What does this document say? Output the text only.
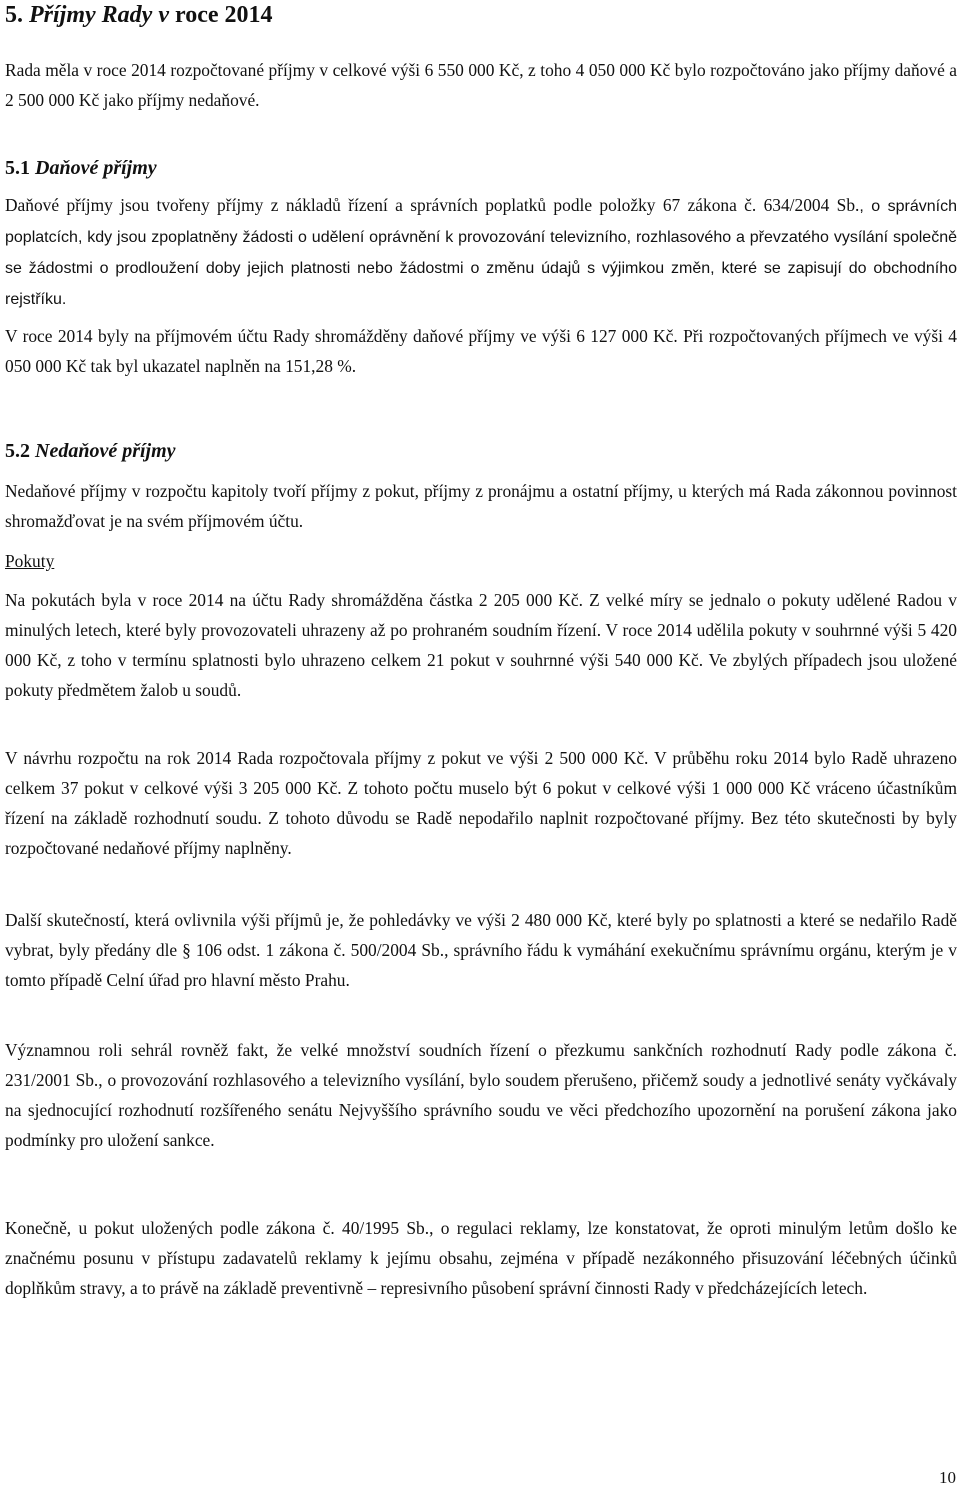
5. Příjmy Rady v roce 2014
Rada měla v roce 2014 rozpočtované příjmy v celkové výši 6 550 000 Kč, z toho 4 050 000 Kč bylo rozpočtováno jako příjmy daňové a 2 500 000 Kč jako příjmy nedaňové.
5.1 Daňové příjmy
Daňové příjmy jsou tvořeny příjmy z nákladů řízení a správních poplatků podle položky 67 zákona č. 634/2004 Sb., o správních poplatcích, kdy jsou zpoplatněny žádosti o udělení oprávnění k provozování televizního, rozhlasového a převzatého vysílání společně se žádostmi o prodloužení doby jejich platnosti nebo žádostmi o změnu údajů s výjimkou změn, které se zapisují do obchodního rejstříku.
V roce 2014 byly na příjmovém účtu Rady shromážděny daňové příjmy ve výši 6 127 000 Kč. Při rozpočtovaných příjmech ve výši 4 050 000 Kč tak byl ukazatel naplněn na 151,28 %.
5.2 Nedaňové příjmy
Nedaňové příjmy v rozpočtu kapitoly tvoří příjmy z pokut, příjmy z pronájmu a ostatní příjmy, u kterých má Rada zákonnou povinnost shromažďovat je na svém příjmovém účtu.
Pokuty
Na pokutách byla v roce 2014 na účtu Rady shromážděna částka 2 205 000 Kč. Z velké míry se jednalo o pokuty udělené Radou v minulých letech, které byly provozovateli uhrazeny až po prohraném soudním řízení. V roce 2014 udělila pokuty v souhrnné výši 5 420 000 Kč, z toho v termínu splatnosti bylo uhrazeno celkem 21 pokut v souhrnné výši 540 000 Kč. Ve zbylých případech jsou uložené pokuty předmětem žalob u soudů.
V návrhu rozpočtu na rok 2014 Rada rozpočtovala příjmy z pokut ve výši 2 500 000 Kč. V průběhu roku 2014 bylo Radě uhrazeno celkem 37 pokut v celkové výši 3 205 000 Kč. Z tohoto počtu muselo být 6 pokut v celkové výši 1 000 000 Kč vráceno účastníkům řízení na základě rozhodnutí soudu. Z tohoto důvodu se Radě nepodařilo naplnit rozpočtované příjmy. Bez této skutečnosti by byly rozpočtované nedaňové příjmy naplněny.
Další skutečností, která ovlivnila výši příjmů je, že pohledávky ve výši 2 480 000 Kč, které byly po splatnosti a které se nedařilo Radě vybrat, byly předány dle § 106 odst. 1 zákona č. 500/2004 Sb., správního řádu k vymáhání exekučnímu správnímu orgánu, kterým je v tomto případě Celní úřad pro hlavní město Prahu.
Významnou roli sehrál rovněž fakt, že velké množství soudních řízení o přezkumu sankčních rozhodnutí Rady podle zákona č. 231/2001 Sb., o provozování rozhlasového a televizního vysílání, bylo soudem přerušeno, přičemž soudy a jednotlivé senáty vyčkávaly na sjednocující rozhodnutí rozšířeného senátu Nejvyššího správního soudu ve věci předchozího upozornění na porušení zákona jako podmínky pro uložení sankce.
Konečně, u pokut uložených podle zákona č. 40/1995 Sb., o regulaci reklamy, lze konstatovat, že oproti minulým letům došlo ke značnému posunu v přístupu zadavatelů reklamy k jejímu obsahu, zejména v případě nezákonného přisuzování léčebných účinků doplňkům stravy, a to právě na základě preventivně – represivního působení správní činnosti Rady v předcházejících letech.
10
